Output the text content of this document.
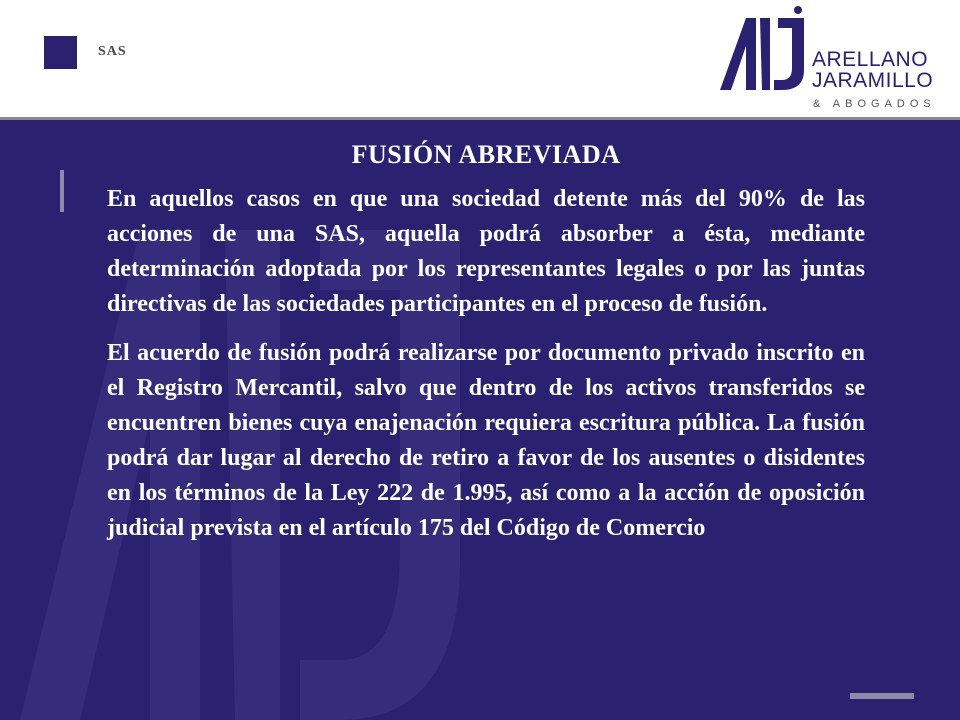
SAS	ARELLANO
JARAMILLO
& ABOGADOS
FUSIÓN ABREVIADA

En aquellos casos en que una sociedad detente más del 90% de las acciones de una SAS, aquella podrá absorber a ésta, mediante determinación adoptada por los representantes legales o por las juntas directivas de las sociedades participantes en el proceso de fusión.

El acuerdo de fusión podrá realizarse por documento privado inscrito en el Registro Mercantil, salvo que dentro de los activos transferidos se encuentren bienes cuya enajenación requiera escritura pública. La fusión podrá dar lugar al derecho de retiro a favor de los ausentes o disidentes en los términos de la Ley 222 de 1.995, así como a la acción de oposición judicial prevista en el artículo 175 del Código de Comercio
